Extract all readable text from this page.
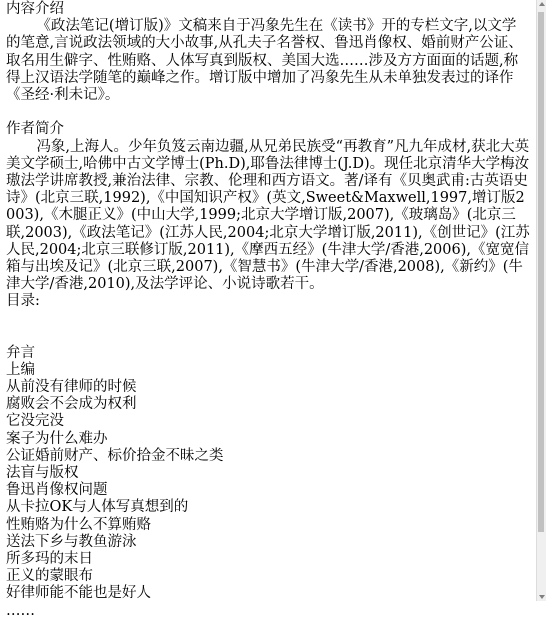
内容介绍
《政法笔记(增订版)》文稿来自于冯象先生在《读书》开的专栏文字,以文学的笔意,言说政法领域的大小故事,从孔夫子名誉权、鲁迅肖像权、婚前财产公证、取名用生僻字、性贿赂、人体写真到版权、美国大选……涉及方方面面的话题,称得上汉语法学随笔的巅峰之作。增订版中增加了冯象先生从未单独发表过的译作《圣经·利未记》。
作者简介
冯象,上海人。少年负笈云南边疆,从兄弟民族受“再教育”凡九年成材,获北大英美文学硕士,哈佛中古文学博士(Ph.D),耶鲁法律博士(J.D)。现任北京清华大学梅汝璈法学讲席教授,兼治法律、宗教、伦理和西方语文。著/译有《贝奥武甫:古英语史诗》(北京三联,1992),《中国知识产权》(英文,Sweet&Maxwell,1997,增订版2003),《木腿正义》(中山大学,1999;北京大学增订版,2007),《玻璃岛》(北京三联,2003),《政法笔记》(江苏人民,2004;北京大学增订版,2011),《创世记》(江苏人民,2004;北京三联修订版,2011),《摩西五经》(牛津大学/香港,2006),《宽宽信箱与出埃及记》(北京三联,2007),《智慧书》(牛津大学/香港,2008),《新约》(牛津大学/香港,2010),及法学评论、小说诗歌若干。
目录:
弁言
上编
从前没有律师的时候
腐败会不会成为权利
它没完没
案子为什么难办
公证婚前财产、标价拾金不昧之类
法盲与版权
鲁迅肖像权问题
从卡拉OK与人体写真想到的
性贿赂为什么不算贿赂
送法下乡与教鱼游泳
所多玛的末日
正义的蒙眼布
好律师能不能也是好人
……
